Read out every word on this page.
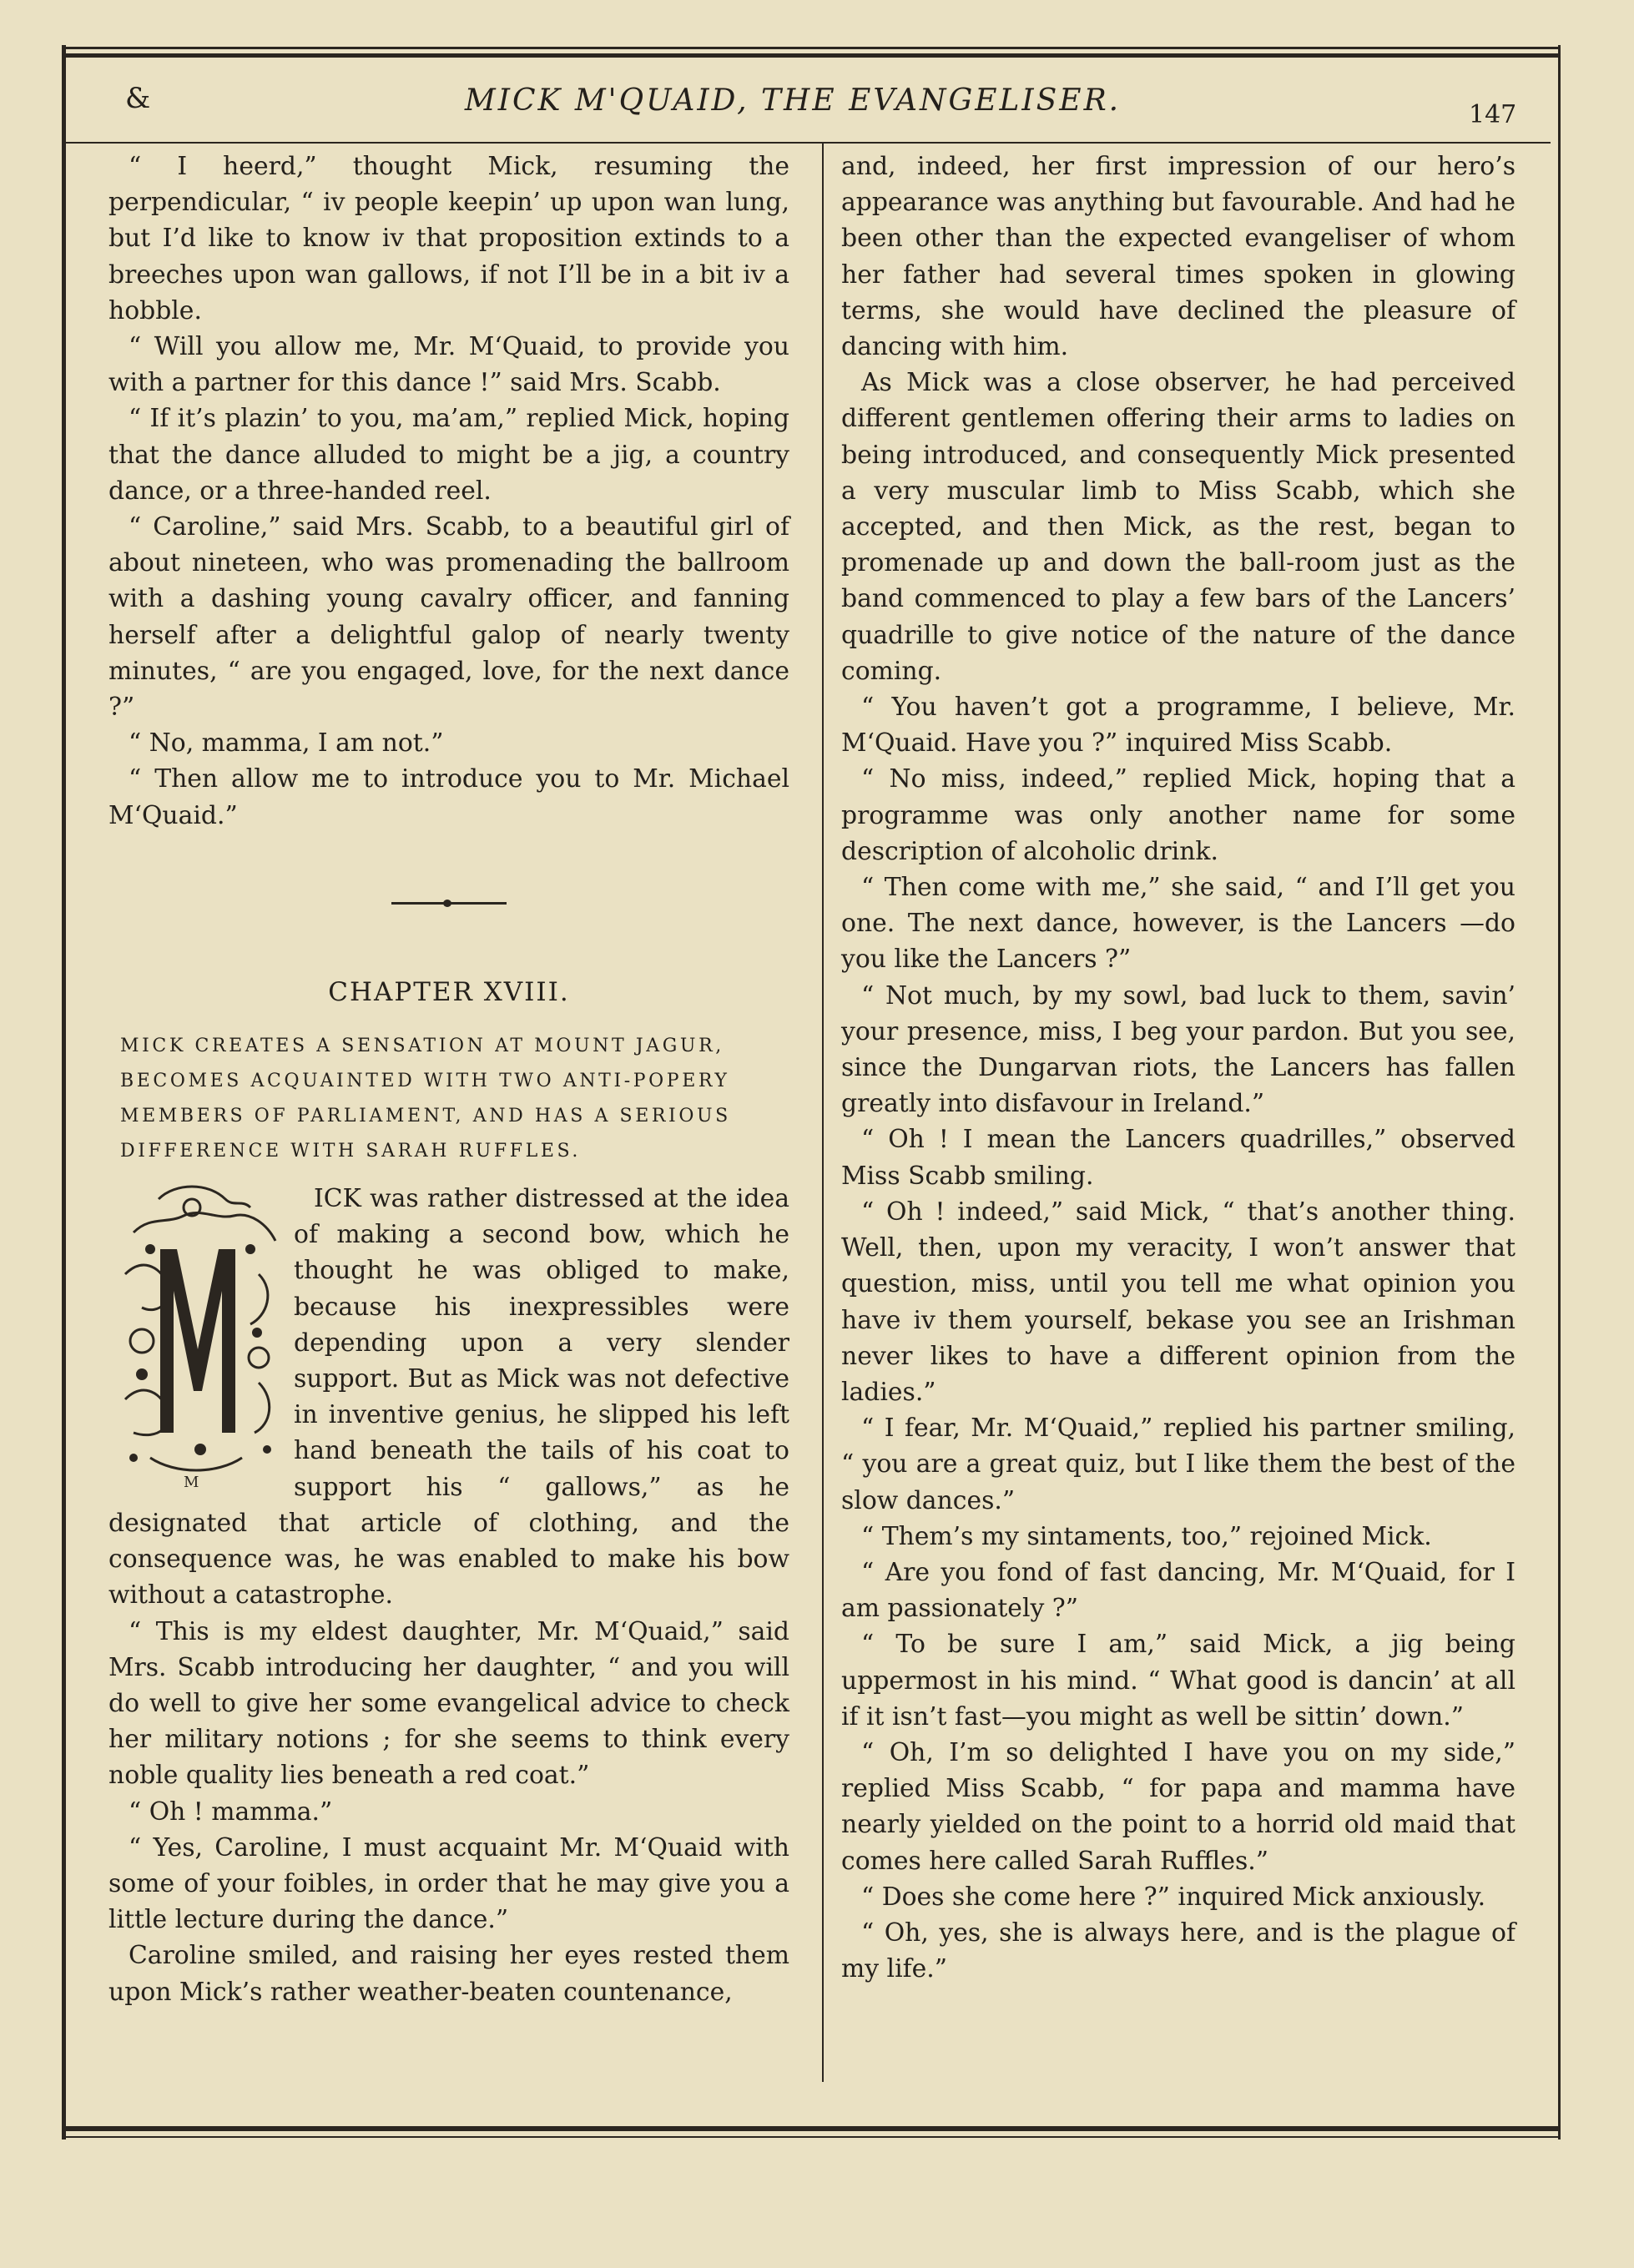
&	MICK M'QUAID, THE EVANGELISER.	147

“ I heerd,” thought Mick, resuming the perpendicular, “ iv people keepin’ up upon wan lung, but I’d like to know iv that proposition extinds to a breeches upon wan gallows, if not I’ll be in a bit iv a hobble.

“ Will you allow me, Mr. M‘Quaid, to provide you with a partner for this dance !” said Mrs. Scabb.

“ If it’s plazin’ to you, ma’am,” replied Mick, hoping that the dance alluded to might be a jig, a country dance, or a three-handed reel.

“ Caroline,” said Mrs. Scabb, to a beautiful girl of about nineteen, who was promenading the ballroom with a dashing young cavalry officer, and fanning herself after a delightful galop of nearly twenty minutes, “ are you engaged, love, for the next dance ?”

“ No, mamma, I am not.”

“ Then allow me to introduce you to Mr. Michael M‘Quaid.”

CHAPTER XVIII.
MICK CREATES A SENSATION AT MOUNT JAGUR,
BECOMES ACQUAINTED WITH TWO ANTI-POPERY
MEMBERS OF PARLIAMENT, AND HAS A SERIOUS
DIFFERENCE WITH SARAH RUFFLES.
M

ICK was rather distressed at the idea of making a second bow, which he thought he was obliged to make, because his inexpressibles were depending upon a very slender support. But as Mick was not defective in inventive genius, he slipped his left hand beneath the tails of his coat to support his “ gallows,” as he designated that article of clothing, and the consequence was, he was enabled to make his bow without a catastrophe.

“ This is my eldest daughter, Mr. M‘Quaid,” said Mrs. Scabb introducing her daughter, “ and you will do well to give her some evangelical advice to check her military notions ; for she seems to think every noble quality lies beneath a red coat.”

“ Oh ! mamma.”

“ Yes, Caroline, I must acquaint Mr. M‘Quaid with some of your foibles, in order that he may give you a little lecture during the dance.”

Caroline smiled, and raising her eyes rested them upon Mick’s rather weather-beaten countenance,

and, indeed, her first impression of our hero’s appearance was anything but favourable. And had he been other than the expected evangeliser of whom her father had several times spoken in glowing terms, she would have declined the pleasure of dancing with him.

As Mick was a close observer, he had perceived different gentlemen offering their arms to ladies on being introduced, and consequently Mick presented a very muscular limb to Miss Scabb, which she accepted, and then Mick, as the rest, began to promenade up and down the ball-room just as the band commenced to play a few bars of the Lancers’ quadrille to give notice of the nature of the dance coming.

“ You haven’t got a programme, I believe, Mr. M‘Quaid. Have you ?” inquired Miss Scabb.

“ No miss, indeed,” replied Mick, hoping that a programme was only another name for some description of alcoholic drink.

“ Then come with me,” she said, “ and I’ll get you one. The next dance, however, is the Lancers —do you like the Lancers ?”

“ Not much, by my sowl, bad luck to them, savin’ your presence, miss, I beg your pardon. But you see, since the Dungarvan riots, the Lancers has fallen greatly into disfavour in Ireland.”

“ Oh ! I mean the Lancers quadrilles,” observed Miss Scabb smiling.

“ Oh ! indeed,” said Mick, “ that’s another thing. Well, then, upon my veracity, I won’t answer that question, miss, until you tell me what opinion you have iv them yourself, bekase you see an Irishman never likes to have a different opinion from the ladies.”

“ I fear, Mr. M‘Quaid,” replied his partner smiling, “ you are a great quiz, but I like them the best of the slow dances.”

“ Them’s my sintaments, too,” rejoined Mick.

“ Are you fond of fast dancing, Mr. M‘Quaid, for I am passionately ?”

“ To be sure I am,” said Mick, a jig being uppermost in his mind. “ What good is dancin’ at all if it isn’t fast—you might as well be sittin’ down.”

“ Oh, I’m so delighted I have you on my side,” replied Miss Scabb, “ for papa and mamma have nearly yielded on the point to a horrid old maid that comes here called Sarah Ruffles.”

“ Does she come here ?” inquired Mick anxiously.

“ Oh, yes, she is always here, and is the plague of my life.”
